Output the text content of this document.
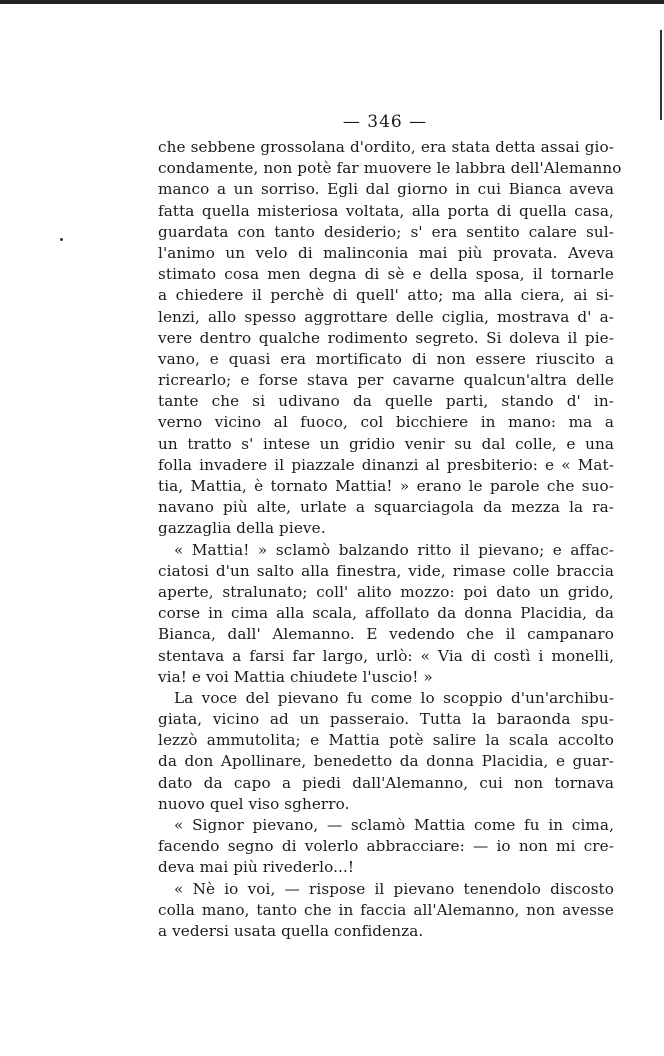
— 346 —
che sebbene grossolana d'ordito, era stata detta assai gio-
condamente, non potè far muovere le labbra dell'Alemanno
manco a un sorriso. Egli dal giorno in cui Bianca aveva
fatta quella misteriosa voltata, alla porta di quella casa,
guardata con tanto desiderio; s' era sentito calare sul-
l'animo un velo di malinconia mai più provata. Aveva
stimato cosa men degna di sè e della sposa, il tornarle
a chiedere il perchè di quell' atto; ma alla ciera, ai si-
lenzi, allo spesso aggrottare delle ciglia, mostrava d' a-
vere dentro qualche rodimento segreto. Si doleva il pie-
vano, e quasi era mortificato di non essere riuscito a
ricrearlo; e forse stava per cavarne qualcun'altra delle
tante che si udivano da quelle parti, stando d' in-
verno vicino al fuoco, col bicchiere in mano: ma a
un tratto s' intese un gridio venir su dal colle, e una
folla invadere il piazzale dinanzi al presbiterio: e « Mat-
tia, Mattia, è tornato Mattia! » erano le parole che suo-
navano più alte, urlate a squarciagola da mezza la ra-
gazzaglia della pieve.
« Mattia! » sclamò balzando ritto il pievano; e affac-
ciatosi d'un salto alla finestra, vide, rimase colle braccia
aperte, stralunato; coll' alito mozzo: poi dato un grido,
corse in cima alla scala, affollato da donna Placidia, da
Bianca, dall' Alemanno. E vedendo che il campanaro
stentava a farsi far largo, urlò: « Via di costì i monelli,
via! e voi Mattia chiudete l'uscio! »
La voce del pievano fu come lo scoppio d'un'archibu-
giata, vicino ad un passeraio. Tutta la baraonda spu-
lezzò ammutolita; e Mattia potè salire la scala accolto
da don Apollinare, benedetto da donna Placidia, e guar-
dato da capo a piedi dall'Alemanno, cui non tornava
nuovo quel viso sgherro.
« Signor pievano, — sclamò Mattia come fu in cima,
facendo segno di volerlo abbracciare: — io non mi cre-
deva mai più rivederlo...!
« Nè io voi, — rispose il pievano tenendolo discosto
colla mano, tanto che in faccia all'Alemanno, non avesse
a vedersi usata quella confidenza.
